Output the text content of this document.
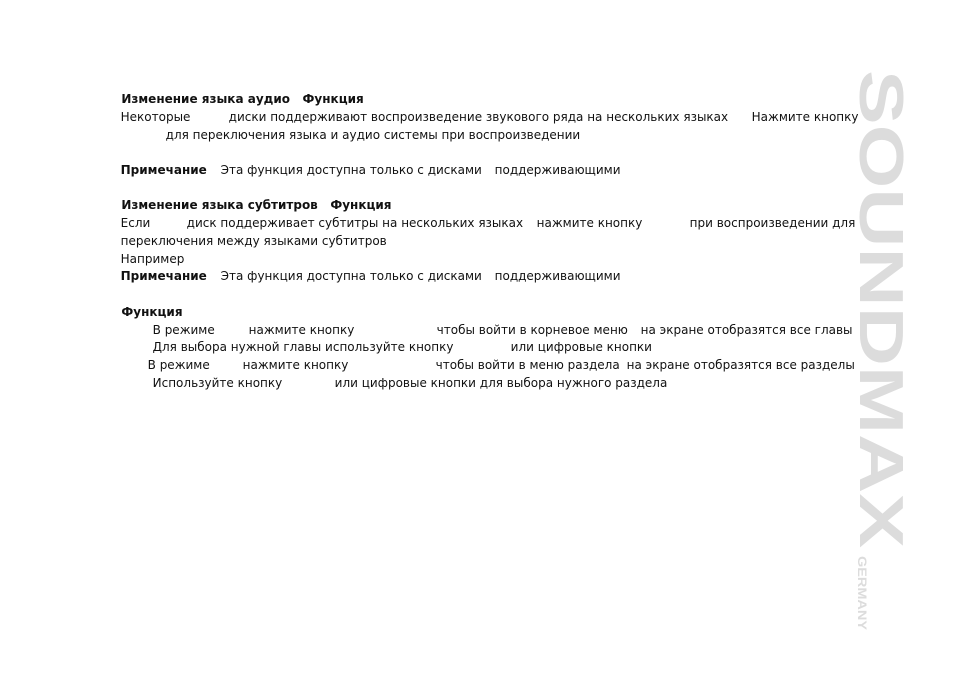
Изменение языка аудио Функция

Некоторые	диски поддерживают воспроизведение звукового ряда на нескольких языках	Нажмите кнопку

для переключения языка и аудио системы при воспроизведении

Примечание	Эта функция доступна только с дисками	поддерживающими

Изменение языка субтитров Функция

Если	диск поддерживает субтитры на нескольких языках	нажмите кнопку	при воспроизведении для

переключения между языками субтитров

Например

Примечание	Эта функция доступна только с дисками	поддерживающими

Функция

В режиме	нажмите кнопку	чтобы войти в корневое меню	на экране отобразятся все главы

Для выбора нужной главы используйте кнопку	или цифровые кнопки

В режиме	нажмите кнопку	чтобы войти в меню раздела на экране отобразятся все разделы

Используйте кнопку	или цифровые кнопки для выбора нужного раздела	SOUNDMAX
GERMANY
